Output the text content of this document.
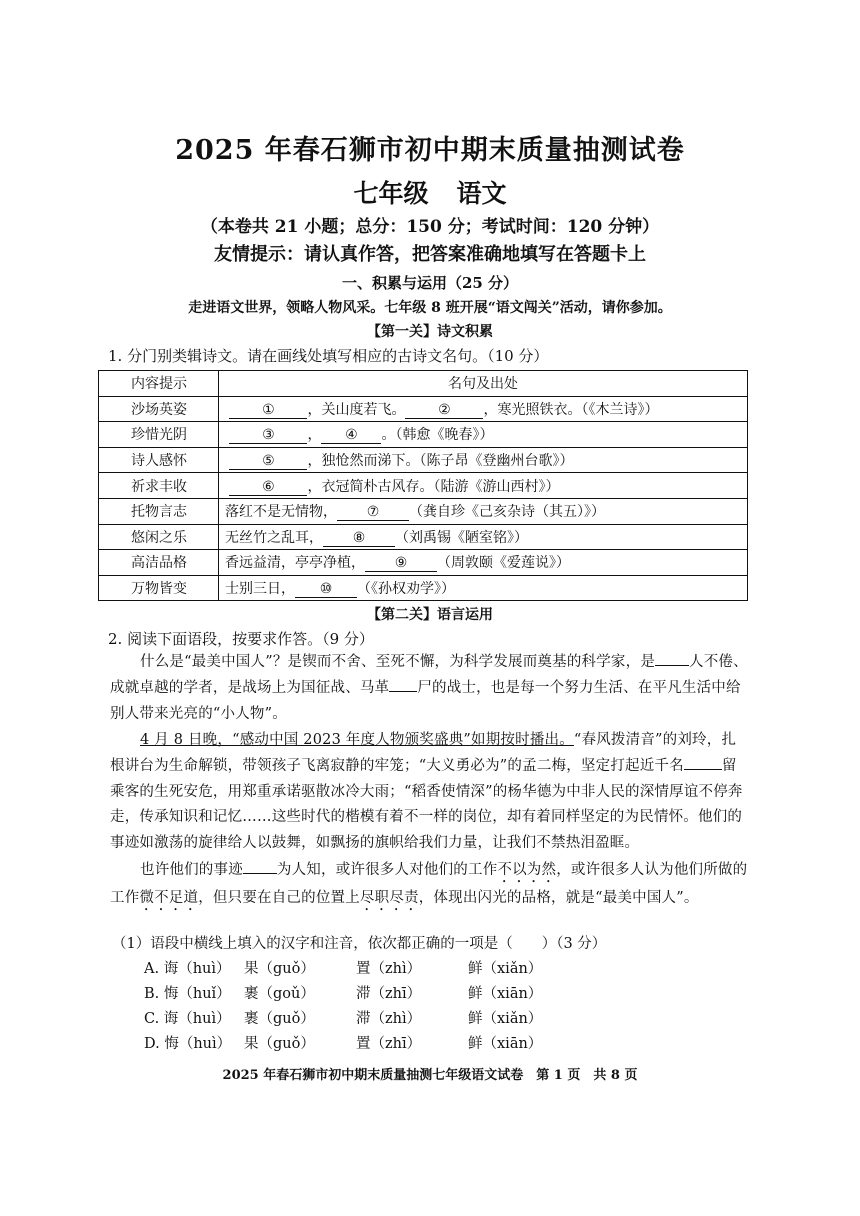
2025 年春石狮市初中期末质量抽测试卷
七年级 语文
（本卷共 21 小题；总分：150 分；考试时间：120 分钟）
友情提示：请认真作答，把答案准确地填写在答题卡上
一、积累与运用（25 分）
走进语文世界，领略人物风采。七年级 8 班开展“语文闯关”活动，请你参加。
【第一关】诗文积累
1. 分门别类辑诗文。请在画线处填写相应的古诗文名句。（10 分）
内容提示	名句及出处
沙场英姿	① ，关山度若飞。 ② ，寒光照铁衣。（《木兰诗》）
珍惜光阴	③ ， ④ 。（韩愈《晚春》）
诗人感怀	⑤ ，独怆然而涕下。（陈子昂《登幽州台歌》）
祈求丰收	⑥ ，衣冠简朴古风存。（陆游《游山西村》）
托物言志	落红不是无情物， ⑦ （龚自珍《己亥杂诗（其五）》）
悠闲之乐	无丝竹之乱耳， ⑧ （刘禹锡《陋室铭》）
高洁品格	香远益清，亭亭净植， ⑨ （周敦颐《爱莲说》）
万物皆变	士别三日， ⑩ （《孙权劝学》）
【第二关】语言运用
2. 阅读下面语段，按要求作答。（9 分）
什么是“最美中国人”？是锲而不舍、至死不懈，为科学发展而奠基的科学家，是 人不倦、成就卓越的学者，是战场上为国征战、马革 尸的战士，也是每一个努力生活、在平凡生活中给别人带来光亮的“小人物”。
4 月 8 日晚，“感动中国 2023 年度人物颁奖盛典”如期按时播出。“春风拨清音”的刘玲，扎根讲台为生命解锁，带领孩子飞离寂静的牢笼；“大义勇必为”的孟二梅，坚定打起近千名	留乘客的生死安危，用郑重承诺驱散冰冷大雨；“稻香使情深”的杨华德为中非人民的深情厚谊不停奔走，传承知识和记忆……这些时代的楷模有着不一样的岗位，却有着同样坚定的为民情怀。他们的事迹如激荡的旋律给人以鼓舞，如飘扬的旗帜给我们力量，让我们不禁热泪盈眶。
也许他们的事迹 为人知，或许很多人对他们的工作不以为然，或许很多人认为他们所做的工作微不足道，但只要在自己的位置上尽职尽责，体现出闪光的品格，就是“最美中国人”。
（1）语段中横线上填入的汉字和注音，依次都正确的一项是（　　）（3 分）
A. 诲（huì） 果（guǒ）	置（zhì）	鲜（xiǎn）
B. 悔（huǐ） 裹（goǔ）	滞（zhī）	鲜（xiān）
C. 诲（huì） 裹（guǒ）	滞（zhì）	鲜（xiǎn）
D. 悔（huì） 果（guǒ）	置（zhī）	鲜（xiān）
2025 年春石狮市初中期末质量抽测七年级语文试卷　第 1 页　共 8 页
